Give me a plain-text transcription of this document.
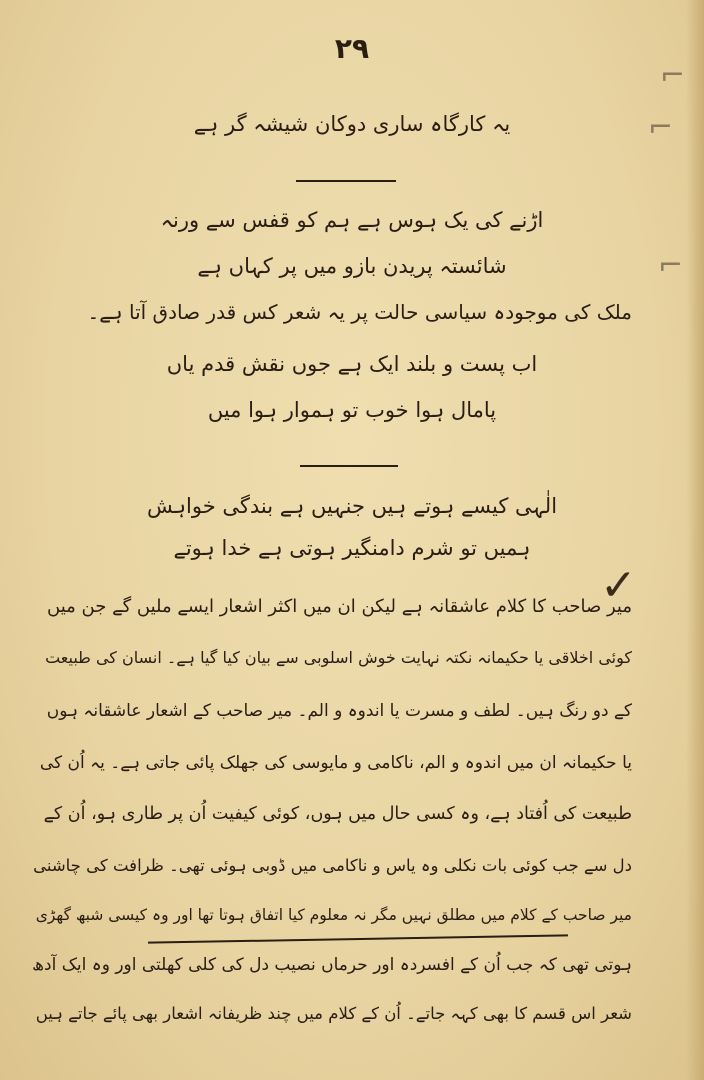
⌐
⌐
⌐
۲۹
یہ کارگاہ ساری دوکان شیشہ گر ہے
اڑنے کی یک ہوس ہے ہم کو قفس سے ورنہ
شائستہ پریدن بازو میں پر کہاں ہے
ملک کی موجودہ سیاسی حالت پر یہ شعر کس قدر صادق آتا ہے۔
اب پست و بلند ایک ہے جوں نقش قدم یاں
پامال ہوا خوب تو ہموار ہوا میں
الٰہی کیسے ہوتے ہیں جنہیں ہے بندگی خواہش
ہمیں تو شرم دامنگیر ہوتی ہے خدا ہوتے
✓
میر صاحب کا کلام عاشقانہ ہے لیکن ان میں اکثر اشعار ایسے ملیں گے جن میں
کوئی اخلاقی یا حکیمانہ نکتہ نہایت خوش اسلوبی سے بیان کیا گیا ہے۔ انسان کی طبیعت
کے دو رنگ ہیں۔ لطف و مسرت یا اندوہ و الم۔ میر صاحب کے اشعار عاشقانہ ہوں
یا حکیمانہ ان میں اندوہ و الم، ناکامی و مایوسی کی جھلک پائی جاتی ہے۔ یہ اُن کی
طبیعت کی اُفتاد ہے، وہ کسی حال میں ہوں، کوئی کیفیت اُن پر طاری ہو، اُن کے
دل سے جب کوئی بات نکلی وہ یاس و ناکامی میں ڈوبی ہوئی تھی۔ ظرافت کی چاشنی
میر صاحب کے کلام میں مطلق نہیں مگر نہ معلوم کیا اتفاق ہوتا تھا اور وہ کیسی شبھ گھڑی
ہوتی تھی کہ جب اُن کے افسردہ اور حرماں نصیب دل کی کلی کھلتی اور وہ ایک آدھ
شعر اس قسم کا بھی کہہ جاتے۔ اُن کے کلام میں چند ظریفانہ اشعار بھی پائے جاتے ہیں
